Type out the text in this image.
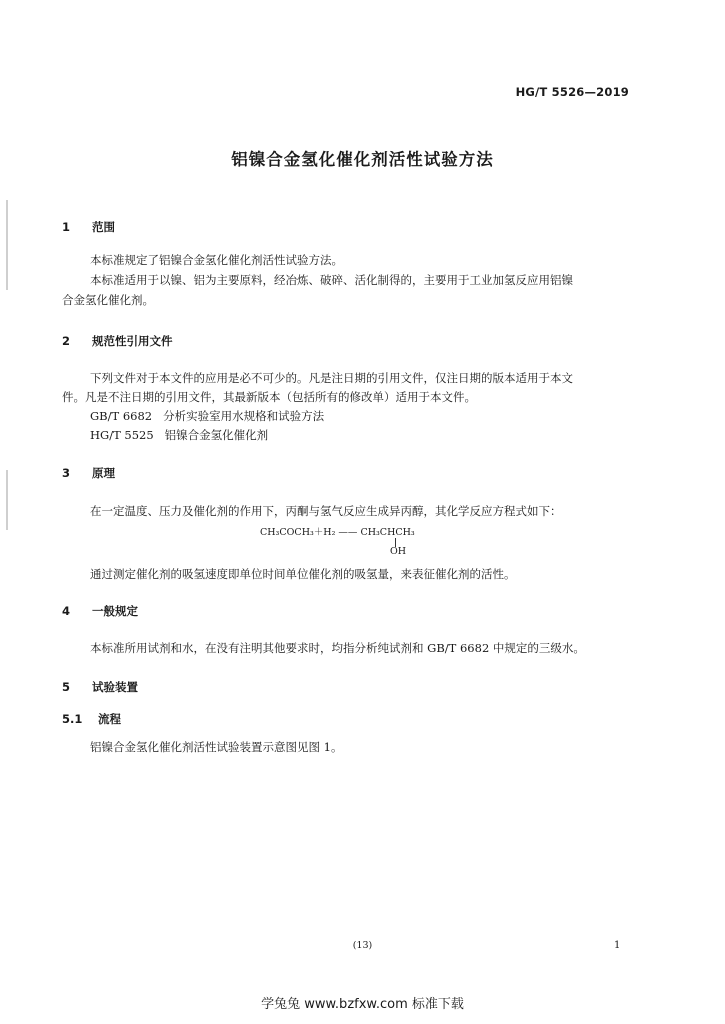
HG/T 5526—2019
铝镍合金氢化催化剂活性试验方法
1 范围
本标准规定了铝镍合金氢化催化剂活性试验方法。
本标准适用于以镍、铝为主要原料，经冶炼、破碎、活化制得的，主要用于工业加氢反应用铝镍
合金氢化催化剂。
2 规范性引用文件
下列文件对于本文件的应用是必不可少的。凡是注日期的引用文件，仅注日期的版本适用于本文
件。凡是不注日期的引用文件，其最新版本（包括所有的修改单）适用于本文件。
GB/T 6682 分析实验室用水规格和试验方法
HG/T 5525 铝镍合金氢化催化剂
3 原理
在一定温度、压力及催化剂的作用下，丙酮与氢气反应生成异丙醇，其化学反应方程式如下：
CH₃COCH₃＋H₂ —— CH₃CHCH₃
OH
通过测定催化剂的吸氢速度即单位时间单位催化剂的吸氢量，来表征催化剂的活性。
4 一般规定
本标准所用试剂和水，在没有注明其他要求时，均指分析纯试剂和 GB/T 6682 中规定的三级水。
5 试验装置
5.1 流程
铝镍合金氢化催化剂活性试验装置示意图见图 1。
(13)	1
学兔兔 www.bzfxw.com 标准下载
